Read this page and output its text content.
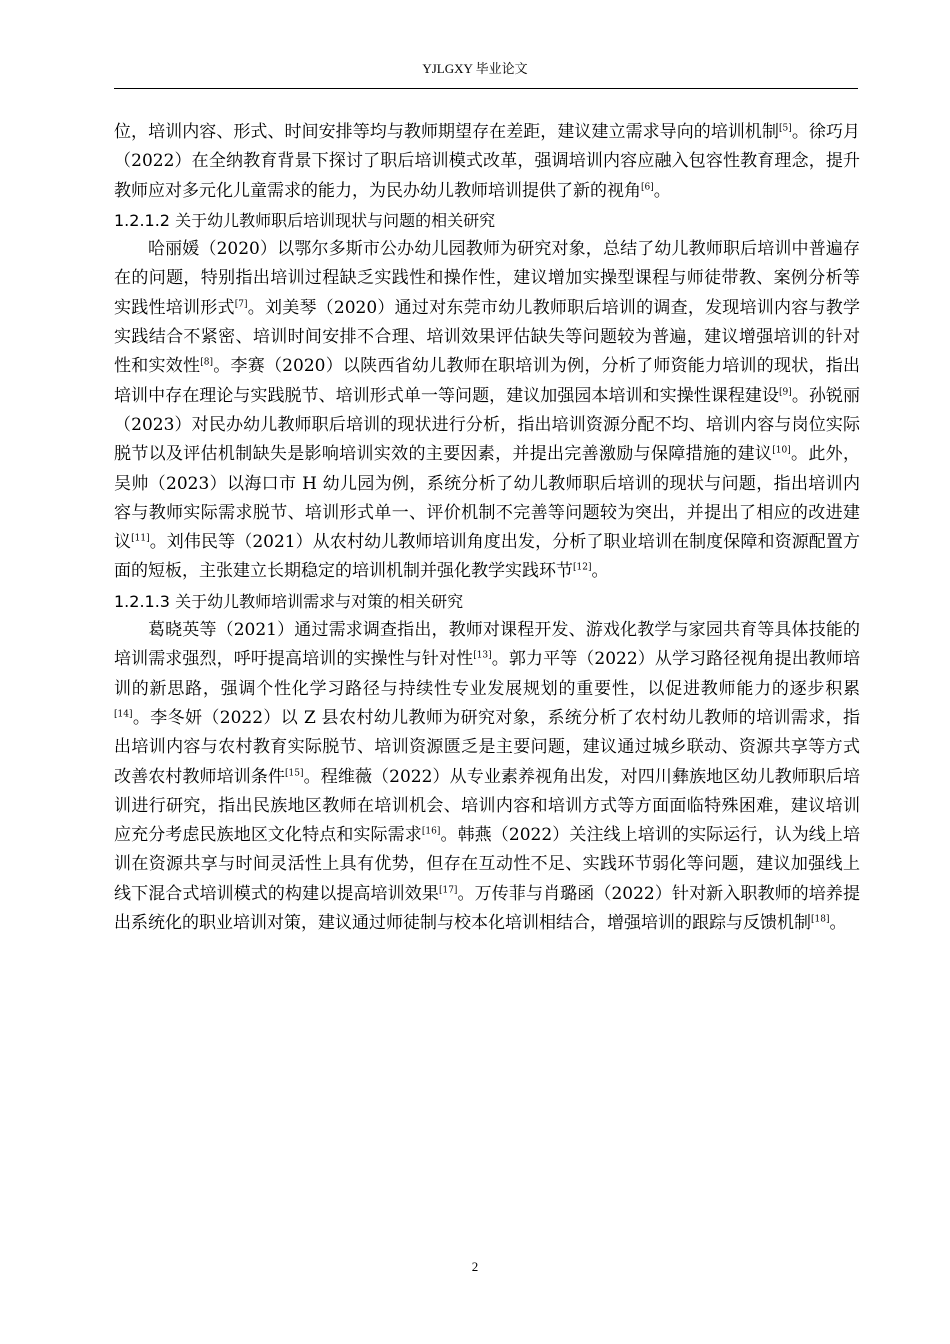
YJLGXY 毕业论文

位，培训内容、形式、时间安排等均与教师期望存在差距，建议建立需求导向的培训机制[5]。徐巧月（2022）在全纳教育背景下探讨了职后培训模式改革，强调培训内容应融入包容性教育理念，提升教师应对多元化儿童需求的能力，为民办幼儿教师培训提供了新的视角[6]。

1.2.1.2 关于幼儿教师职后培训现状与问题的相关研究

哈丽媛（2020）以鄂尔多斯市公办幼儿园教师为研究对象，总结了幼儿教师职后培训中普遍存在的问题，特别指出培训过程缺乏实践性和操作性，建议增加实操型课程与师徒带教、案例分析等实践性培训形式[7]。刘美琴（2020）通过对东莞市幼儿教师职后培训的调查，发现培训内容与教学实践结合不紧密、培训时间安排不合理、培训效果评估缺失等问题较为普遍，建议增强培训的针对性和实效性[8]。李赛（2020）以陕西省幼儿教师在职培训为例，分析了师资能力培训的现状，指出培训中存在理论与实践脱节、培训形式单一等问题，建议加强园本培训和实操性课程建设[9]。孙锐丽（2023）对民办幼儿教师职后培训的现状进行分析，指出培训资源分配不均、培训内容与岗位实际脱节以及评估机制缺失是影响培训实效的主要因素，并提出完善激励与保障措施的建议[10]。此外，吴帅（2023）以海口市 H 幼儿园为例，系统分析了幼儿教师职后培训的现状与问题，指出培训内容与教师实际需求脱节、培训形式单一、评价机制不完善等问题较为突出，并提出了相应的改进建议[11]。刘伟民等（2021）从农村幼儿教师培训角度出发，分析了职业培训在制度保障和资源配置方面的短板，主张建立长期稳定的培训机制并强化教学实践环节[12]。

1.2.1.3 关于幼儿教师培训需求与对策的相关研究

葛晓英等（2021）通过需求调查指出，教师对课程开发、游戏化教学与家园共育等具体技能的培训需求强烈，呼吁提高培训的实操性与针对性[13]。郭力平等（2022）从学习路径视角提出教师培训的新思路，强调个性化学习路径与持续性专业发展规划的重要性，以促进教师能力的逐步积累[14]。李冬妍（2022）以 Z 县农村幼儿教师为研究对象，系统分析了农村幼儿教师的培训需求，指出培训内容与农村教育实际脱节、培训资源匮乏是主要问题，建议通过城乡联动、资源共享等方式改善农村教师培训条件[15]。程维薇（2022）从专业素养视角出发，对四川彝族地区幼儿教师职后培训进行研究，指出民族地区教师在培训机会、培训内容和培训方式等方面面临特殊困难，建议培训应充分考虑民族地区文化特点和实际需求[16]。韩燕（2022）关注线上培训的实际运行，认为线上培训在资源共享与时间灵活性上具有优势，但存在互动性不足、实践环节弱化等问题，建议加强线上线下混合式培训模式的构建以提高培训效果[17]。万传菲与肖璐函（2022）针对新入职教师的培养提出系统化的职业培训对策，建议通过师徒制与校本化培训相结合，增强培训的跟踪与反馈机制[18]。

2
